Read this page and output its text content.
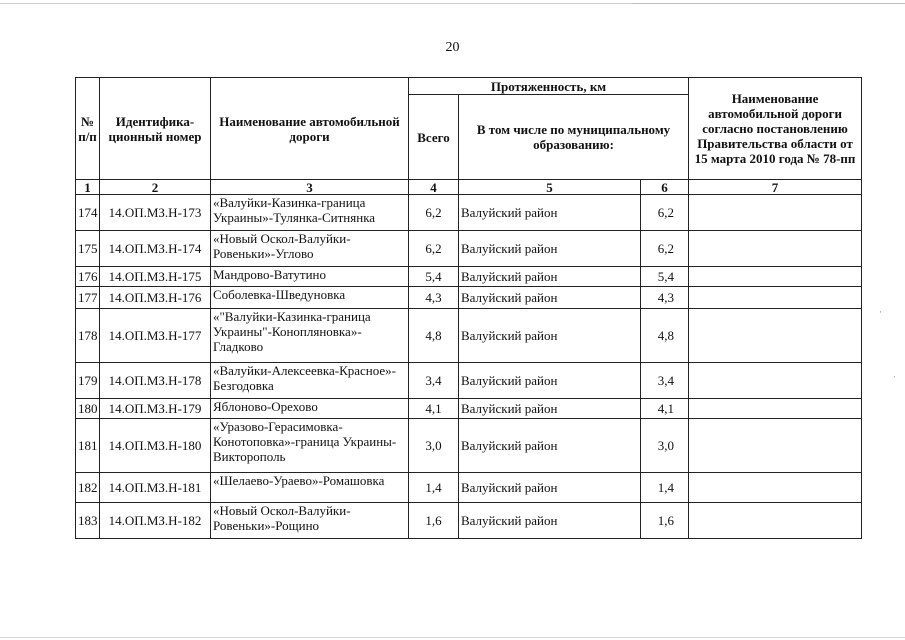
·
·
20
№ п/п	Идентифика-ционный номер	Наименование автомобильной дороги	Протяженность, км			Наименование автомобильной дороги согласно постановлению Правительства области от 15 марта 2010 года № 78-пп
			Всего	В том числе по муниципальному образованию:		
1	2	3	4	5	6	7
174	14.ОП.МЗ.Н-173	«Валуйки-Казинка-граница Украины»-Тулянка-Ситнянка	6,2	Валуйский район	6,2	
175	14.ОП.МЗ.Н-174	«Новый Оскол-Валуйки-Ровеньки»-Углово	6,2	Валуйский район	6,2	
176	14.ОП.МЗ.Н-175	Мандрово-Ватутино	5,4	Валуйский район	5,4	
177	14.ОП.МЗ.Н-176	Соболевка-Шведуновка	4,3	Валуйский район	4,3	
178	14.ОП.МЗ.Н-177	«"Валуйки-Казинка-граница Украины"-Конопляновка»-Гладково	4,8	Валуйский район	4,8	
179	14.ОП.МЗ.Н-178	«Валуйки-Алексеевка-Красное»-Безгодовка	3,4	Валуйский район	3,4	
180	14.ОП.МЗ.Н-179	Яблоново-Орехово	4,1	Валуйский район	4,1	
181	14.ОП.МЗ.Н-180	«Уразово-Герасимовка-Конотоповка»-граница Украины-Викторополь	3,0	Валуйский район	3,0	
182	14.ОП.МЗ.Н-181	«Шелаево-Ураево»-Ромашовка	1,4	Валуйский район	1,4	
183	14.ОП.МЗ.Н-182	«Новый Оскол-Валуйки-Ровеньки»-Рощино	1,6	Валуйский район	1,6	
